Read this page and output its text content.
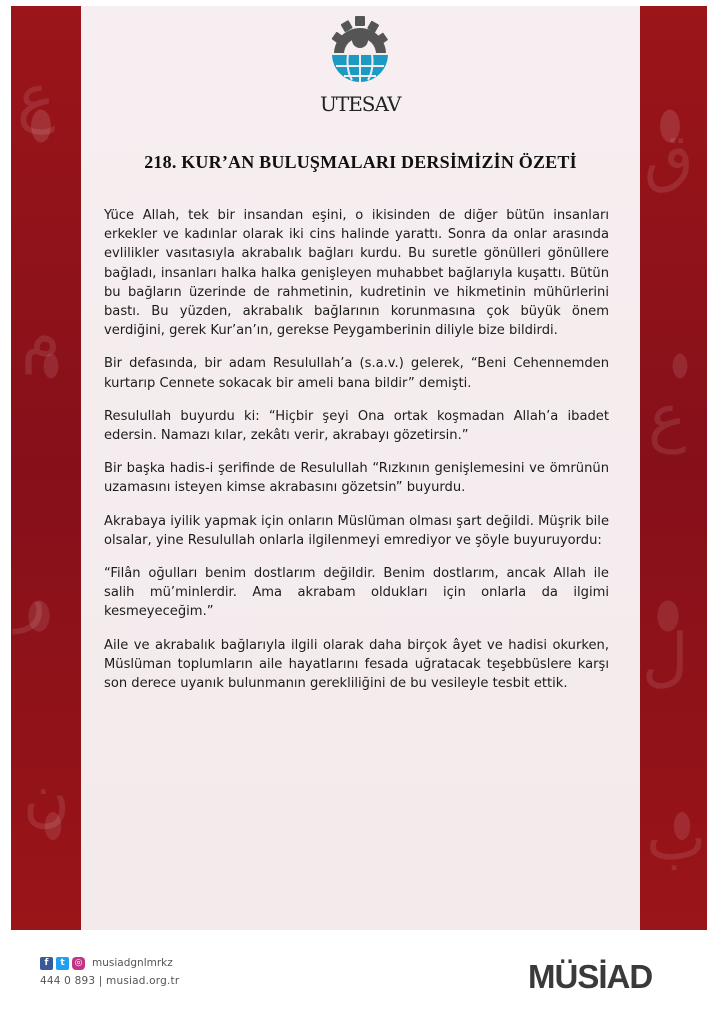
ع
م
ر
ن
ق
ع
ل
ب
UTESAV
218. KUR’AN BULUŞMALARI DERSİMİZİN ÖZETİ

Yüce Allah, tek bir insandan eşini, o ikisinden de diğer bütün insanları erkekler ve kadınlar olarak iki cins halinde yarattı. Sonra da onlar arasında evlilikler vasıtasıyla akrabalık bağları kurdu. Bu suretle gönülleri gönüllere bağladı, insanları halka halka genişleyen muhabbet bağlarıyla kuşattı. Bütün bu bağların üzerinde de rahmetinin, kudretinin ve hikmetinin mühürlerini bastı. Bu yüzden, akrabalık bağlarının korunmasına çok büyük önem verdiğini, gerek Kur’an’ın, gerekse Peygamberinin diliyle bize bildirdi.

Bir defasında, bir adam Resulullah’a (s.a.v.) gelerek, “Beni Cehennemden kurtarıp Cennete sokacak bir ameli bana bildir” demişti.

Resulullah buyurdu ki: “Hiçbir şeyi Ona ortak koşmadan Allah’a ibadet edersin. Namazı kılar, zekâtı verir, akrabayı gözetirsin.”

Bir başka hadis-i şerifinde de Resulullah “Rızkının genişlemesini ve ömrünün uzamasını isteyen kimse akrabasını gözetsin” buyurdu.

Akrabaya iyilik yapmak için onların Müslüman olması şart değildi. Müşrik bile olsalar, yine Resulullah onlarla ilgilenmeyi emrediyor ve şöyle buyuruyordu:

“Filân oğulları benim dostlarım değildir. Benim dostlarım, ancak Allah ile salih mü’minlerdir. Ama akrabam oldukları için onlarla da ilgimi kesmeyeceğim.”

Aile ve akrabalık bağlarıyla ilgili olarak daha birçok âyet ve hadisi okurken, Müslüman toplumların aile hayatlarını fesada uğratacak teşebbüslere karşı son derece uyanık bulunmanın gerekliliğini de bu vesileyle tesbit ettik.

f	t	◎ musiadgnlmrkz
444 0 893 | musiad.org.tr	MÜSİAD
